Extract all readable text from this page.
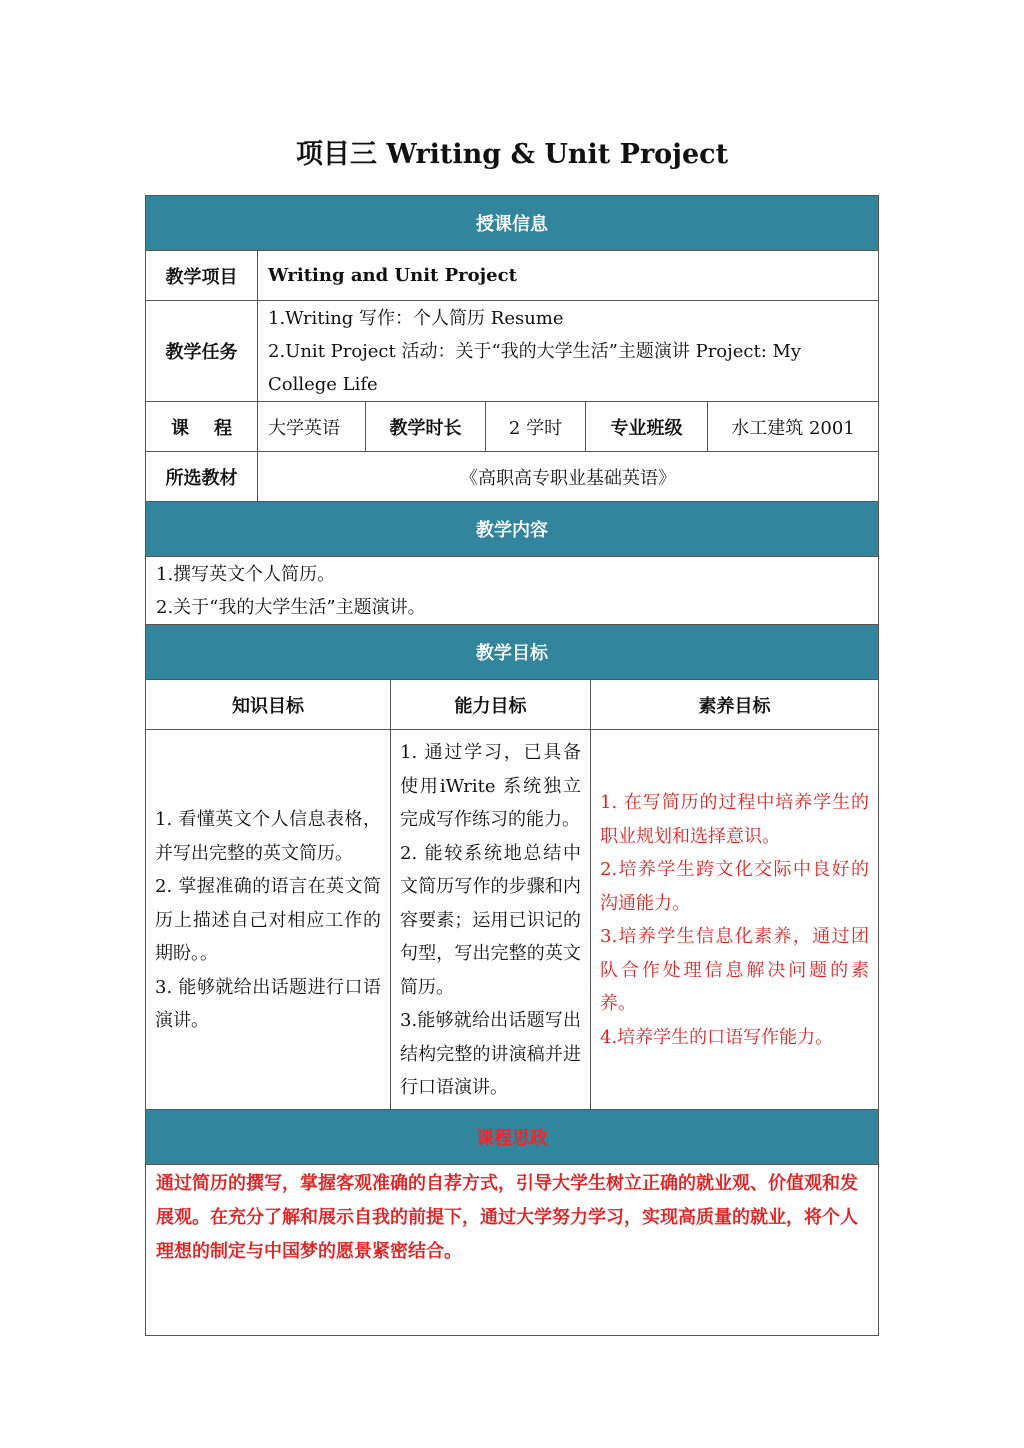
项目三 Writing & Unit Project
授课信息							
教学项目	Writing and Unit Project						
教学任务	1.Writing 写作：个人简历 Resume
2.Unit Project 活动：关于“我的大学生活”主题演讲 Project: My
College Life						

课    程	大学英语	教学时长		2 学时	专业班级		水工建筑 2001
所选教材	《高职高专职业基础英语》						
教学内容							

1.撰写英文个人简历。
2.关于“我的大学生活”主题演讲。							

教学目标							
知识目标			能力目标			素养目标	

1. 看懂英文个人信息表格，并写出完整的英文简历。
2. 掌握准确的语言在英文简历上描述自己对相应工作的期盼。。
3. 能够就给出话题进行口语演讲。			1. 通过学习，已具备使用iWrite 系统独立完成写作练习的能力。
2. 能较系统地总结中文简历写作的步骤和内容要素；运用已识记的句型，写出完整的英文简历。
3.能够就给出话题写出结构完整的讲演稿并进行口语演讲。			1. 在写简历的过程中培养学生的职业规划和选择意识。
2.培养学生跨文化交际中良好的沟通能力。
3.培养学生信息化素养，通过团队合作处理信息解决问题的素养。
4.培养学生的口语写作能力。	

课程思政							
通过简历的撰写，掌握客观准确的自荐方式，引导大学生树立正确的就业观、价值观和发展观。在充分了解和展示自我的前提下，通过大学努力学习，实现高质量的就业，将个人理想的制定与中国梦的愿景紧密结合。							
